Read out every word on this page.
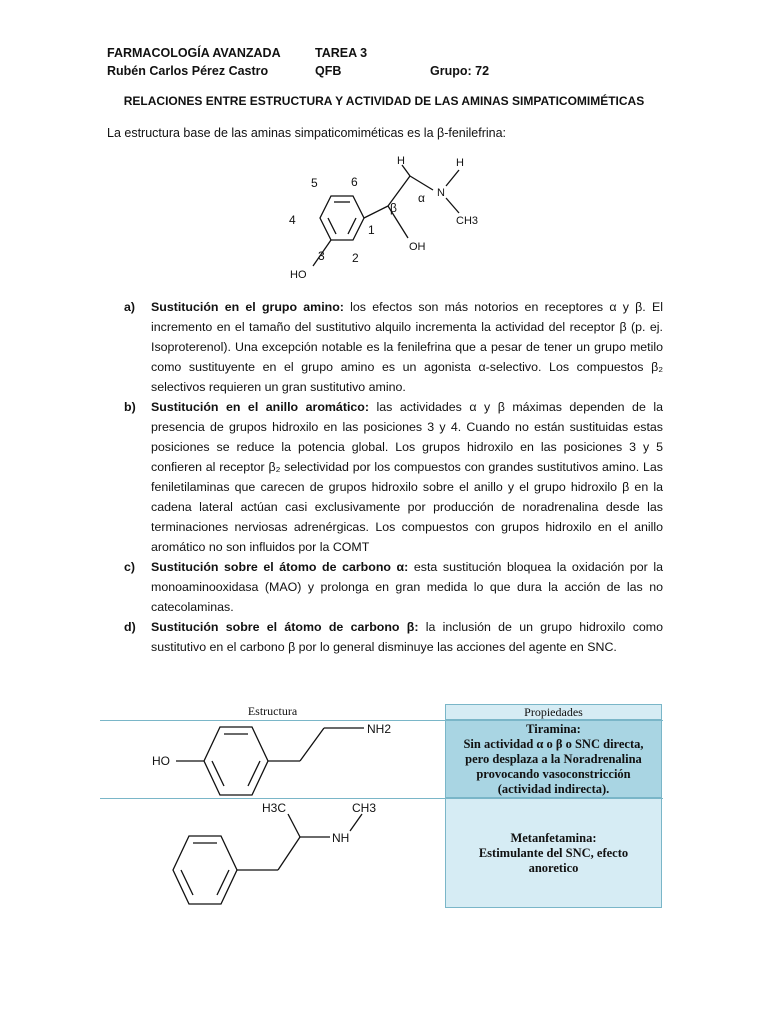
FARMACOLOGÍA AVANZADA	TAREA 3
Rubén Carlos Pérez Castro	QFB	Grupo: 72
RELACIONES ENTRE ESTRUCTURA Y ACTIVIDAD DE LAS AMINAS SIMPATICOMIMÉTICAS
La estructura base de las aminas simpaticomiméticas es la β-fenilefrina:
H	H
N
CH3
α
β
OH
HO
1
2
3
4
5	6
a)	Sustitución en el grupo amino: los efectos son más notorios en receptores α y β. El incremento en el tamaño del sustitutivo alquilo incrementa la actividad del receptor β (p. ej. Isoproterenol). Una excepción notable es la fenilefrina que a pesar de tener un grupo metilo como sustituyente en el grupo amino es un agonista α-selectivo. Los compuestos β₂ selectivos requieren un gran sustitutivo amino.
b)	Sustitución en el anillo aromático: las actividades α y β máximas dependen de la presencia de grupos hidroxilo en las posiciones 3 y 4. Cuando no están sustituidas estas posiciones se reduce la potencia global. Los grupos hidroxilo en las posiciones 3 y 5 confieren al receptor β₂ selectividad por los compuestos con grandes sustitutivos amino. Las feniletilaminas que carecen de grupos hidroxilo sobre el anillo y el grupo hidroxilo β en la cadena lateral actúan casi exclusivamente por producción de noradrenalina desde las terminaciones nerviosas adrenérgicas. Los compuestos con grupos hidroxilo en el anillo aromático no son influidos por la COMT
c)	Sustitución sobre el átomo de carbono α: esta sustitución bloquea la oxidación por la monoaminooxidasa (MAO) y prolonga en gran medida lo que dura la acción de las no catecolaminas.
d)	Sustitución sobre el átomo de carbono β: la inclusión de un grupo hidroxilo como sustitutivo en el carbono β por lo general disminuye las acciones del agente en SNC.
Estructura	Propiedades
Tiramina:
Sin actividad α o β o SNC directa,
pero desplaza a la Noradrenalina
provocando vasoconstricción
(actividad indirecta).
Metanfetamina:
Estimulante del SNC, efecto
anoretico
HO
NH2
H3C	CH3
NH
